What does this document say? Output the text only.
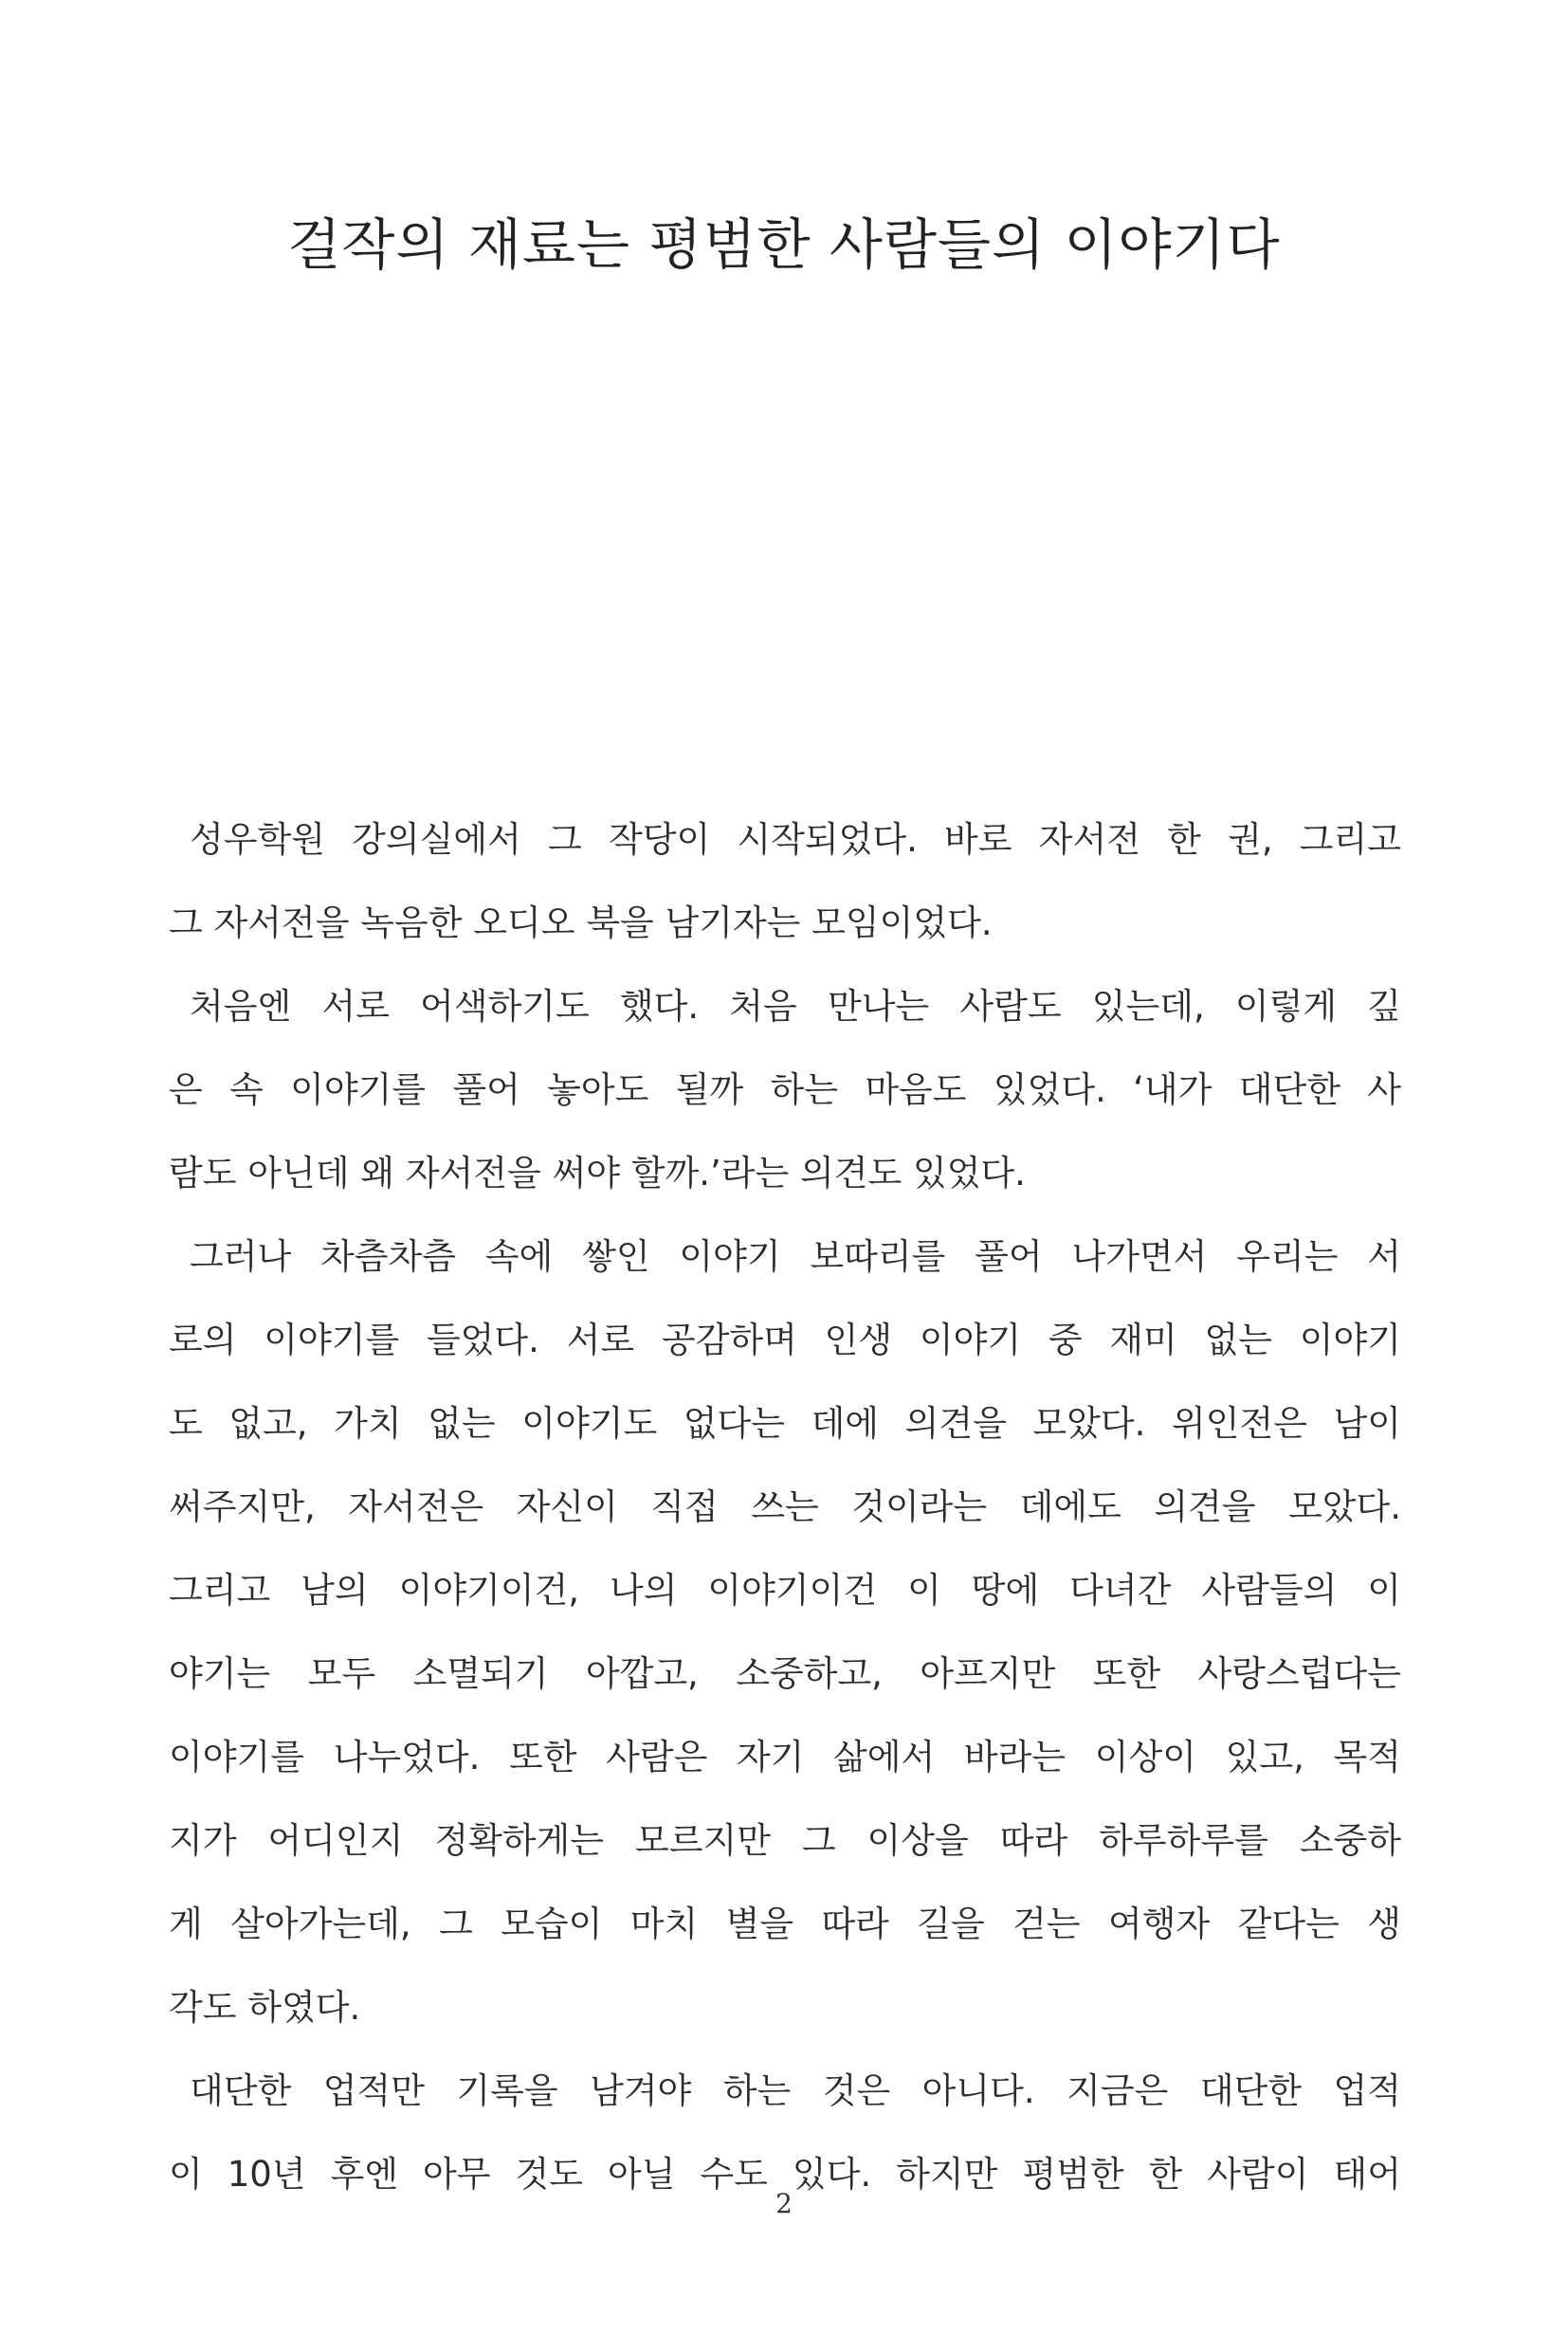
걸작의 재료는 평범한 사람들의 이야기다
성우학원 강의실에서 그 작당이 시작되었다. 바로 자서전 한 권, 그리고
그 자서전을 녹음한 오디오 북을 남기자는 모임이었다.
처음엔 서로 어색하기도 했다. 처음 만나는 사람도 있는데, 이렇게 깊
은 속 이야기를 풀어 놓아도 될까 하는 마음도 있었다. ‘내가 대단한 사
람도 아닌데 왜 자서전을 써야 할까.’라는 의견도 있었다.
그러나 차츰차츰 속에 쌓인 이야기 보따리를 풀어 나가면서 우리는 서
로의 이야기를 들었다. 서로 공감하며 인생 이야기 중 재미 없는 이야기
도 없고, 가치 없는 이야기도 없다는 데에 의견을 모았다. 위인전은 남이
써주지만, 자서전은 자신이 직접 쓰는 것이라는 데에도 의견을 모았다.
그리고 남의 이야기이건, 나의 이야기이건 이 땅에 다녀간 사람들의 이
야기는 모두 소멸되기 아깝고, 소중하고, 아프지만 또한 사랑스럽다는
이야기를 나누었다. 또한 사람은 자기 삶에서 바라는 이상이 있고, 목적
지가 어디인지 정확하게는 모르지만 그 이상을 따라 하루하루를 소중하
게 살아가는데, 그 모습이 마치 별을 따라 길을 걷는 여행자 같다는 생
각도 하였다.
대단한 업적만 기록을 남겨야 하는 것은 아니다. 지금은 대단한 업적
이 10년 후엔 아무 것도 아닐 수도 있다. 하지만 평범한 한 사람이 태어
2
